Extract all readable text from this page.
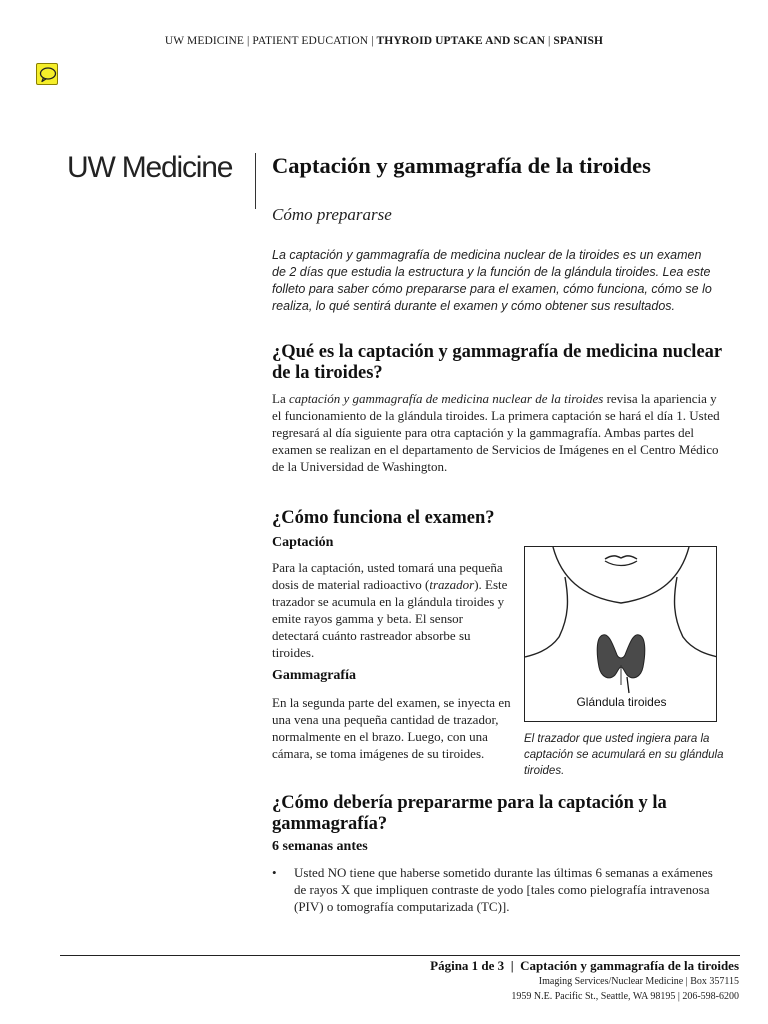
UW MEDICINE | PATIENT EDUCATION | THYROID UPTAKE AND SCAN | SPANISH
UW Medicine Captación y gammagrafía de la tiroides
Cómo prepararse
La captación y gammagrafía de medicina nuclear de la tiroides es un examen de 2 días que estudia la estructura y la función de la glándula tiroides. Lea este folleto para saber cómo prepararse para el examen, cómo funciona, cómo se lo realiza, lo qué sentirá durante el examen y cómo obtener sus resultados.
¿Qué es la captación y gammagrafía de medicina nuclear de la tiroides?
La captación y gammagrafía de medicina nuclear de la tiroides revisa la apariencia y el funcionamiento de la glándula tiroides. La primera captación se hará el día 1. Usted regresará al día siguiente para otra captación y la gammagrafía. Ambas partes del examen se realizan en el departamento de Servicios de Imágenes en el Centro Médico de la Universidad de Washington.
¿Cómo funciona el examen?
Captación
Para la captación, usted tomará una pequeña dosis de material radioactivo (trazador). Este trazador se acumula en la glándula tiroides y emite rayos gamma y beta. El sensor detectará cuánto rastreador absorbe su tiroides.
Gammagrafía
En la segunda parte del examen, se inyecta en una vena una pequeña cantidad de trazador, normalmente en el brazo. Luego, con una cámara, se toma imágenes de su tiroides.
Glándula tiroides
El trazador que usted ingiera para la captación se acumulará en su glándula tiroides.
¿Cómo debería prepararme para la captación y la gammagrafía?
6 semanas antes
• Usted NO tiene que haberse sometido durante las últimas 6 semanas a exámenes de rayos X que impliquen contraste de yodo [tales como pielografía intravenosa (PIV) o tomografía computarizada (TC)].
Página 1 de 3  |  Captación y gammagrafía de la tiroides
Imaging Services/Nuclear Medicine | Box 357115
1959 N.E. Pacific St., Seattle, WA 98195 | 206-598-6200
